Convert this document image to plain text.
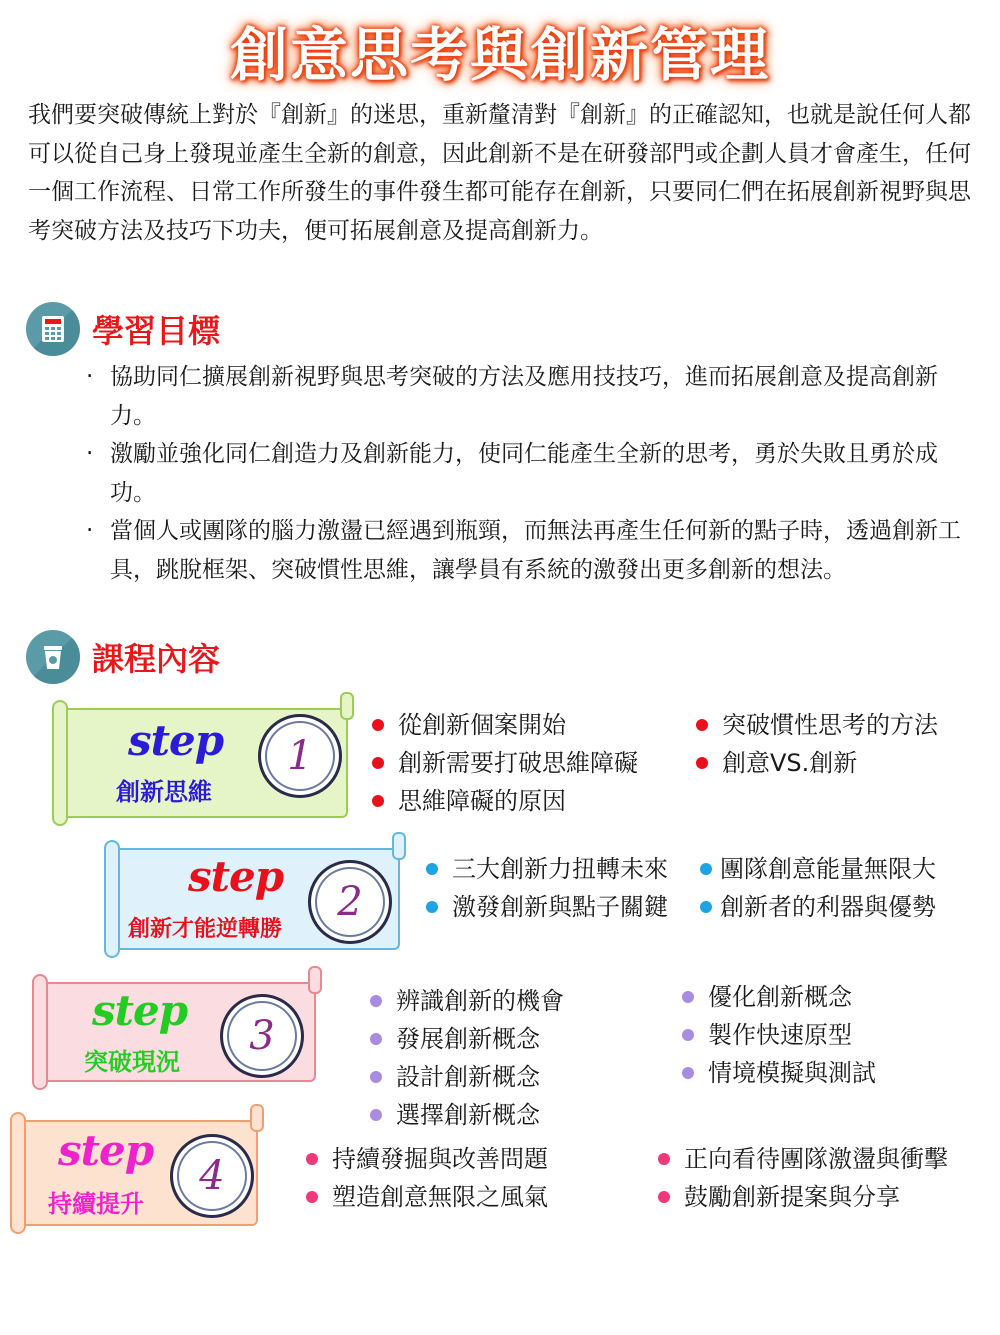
創意思考與創新管理
我們要突破傳統上對於『創新』的迷思，重新釐清對『創新』的正確認知，也就是說任何人都可以從自己身上發現並產生全新的創意，因此創新不是在研發部門或企劃人員才會產生，任何一個工作流程、日常工作所發生的事件發生都可能存在創新，只要同仁們在拓展創新視野與思考突破方法及技巧下功夫，便可拓展創意及提高創新力。
學習目標
‧ 協助同仁擴展創新視野與思考突破的方法及應用技技巧，進而拓展創意及提高創新力。
‧ 激勵並強化同仁創造力及創新能力，使同仁能產生全新的思考，勇於失敗且勇於成功。
‧ 當個人或團隊的腦力激盪已經遇到瓶頸，而無法再產生任何新的點子時，透過創新工具，跳脫框架、突破慣性思維，讓學員有系統的激發出更多創新的想法。
課程內容
step
創新思維
1
從創新個案開始
創新需要打破思維障礙
思維障礙的原因
突破慣性思考的方法
創意VS.創新
step
創新才能逆轉勝
2
三大創新力扭轉未來
激發創新與點子關鍵
團隊創意能量無限大
創新者的利器與優勢
step
突破現況
3
辨識創新的機會
發展創新概念
設計創新概念
選擇創新概念
優化創新概念
製作快速原型
情境模擬與測試
step
持續提升
4	持續發掘與改善問題
塑造創意無限之風氣
正向看待團隊激盪與衝擊
鼓勵創新提案與分享
